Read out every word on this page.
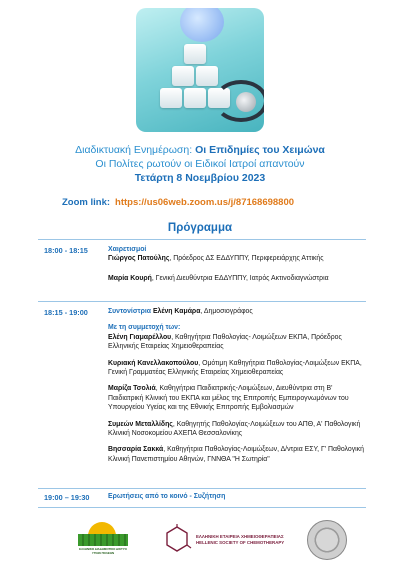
Διαδικτυακή Ενημέρωση: Οι Επιδημίες του Χειμώνα
Οι Πολίτες ρωτούν οι Ειδικοί Ιατροί απαντούν
Τετάρτη 8 Νοεμβρίου 2023
Zoom link: https://us06web.zoom.us/j/87168698800
Πρόγραμμα
18:00 - 18:15	Χαιρετισμοί

Γιώργος Πατούλης, Πρόεδρος ΔΣ ΕΔΔΥΠΠΥ, Περιφερειάρχης Αττικής

Μαρία Κουρή, Γενική Διευθύντρια ΕΔΔΥΠΠΥ, Ιατρός Ακτινοδιαγνώστρια

18:15 - 19:00	Συντονίστρια Ελένη Καμάρα, Δημοσιογράφος

Με τη συμμετοχή των:

Ελένη Γιαμαρέλλου, Καθηγήτρια Παθολογίας- Λοιμώξεων ΕΚΠΑ, Πρόεδρος Ελληνικής Εταιρείας Χημειοθεραπείας

Κυριακή Κανελλακοπούλου, Ομότιμη Καθηγήτρια Παθολογίας-Λοιμώξεων ΕΚΠΑ, Γενική Γραμματέας Ελληνικής Εταιρείας Χημειοθεραπείας

Μαρίζα Τσολιά, Καθηγήτρια Παιδιατρικής-Λοιμώξεων, Διευθύντρια στη Β' Παιδιατρική Κλινική του ΕΚΠΑ και μέλος της Επιτροπής Εμπειρογνωμόνων του Υπουργείου Υγείας και της Εθνικής Επιτροπής Εμβολιασμών

Συμεών Μεταλλίδης, Καθηγητής Παθολογίας-Λοιμώξεων του ΑΠΘ, Α' Παθολογική Κλινική Νοσοκομείου ΑΧΕΠΑ Θεσσαλονίκης

Βησσαρία Σακκά, Καθηγήτρια Παθολογίας-Λοιμώξεων, Δ/ντρια ΕΣΥ, Γ' Παθολογική Κλινική Πανεπιστημίου Αθηνών, ΓΝΝΘΑ "Η Σωτηρία"

19:00 – 19:30	Ερωτήσεις από το κοινό - Συζήτηση

ΕΛΛΗΝΙΚΟ ΔΙΑΔΗΜΟΤΙΚΟ ΔΙΚΤΥΟ ΥΓΙΩΝ ΠΟΛΕΩΝ
ΕΛΛΗΝΙΚΗ ΕΤΑΙΡΕΙΑ ΧΗΜΕΙΟΘΕΡΑΠΕΙΑΣ
HELLENIC SOCIETY OF CHEMOTHERAPY
